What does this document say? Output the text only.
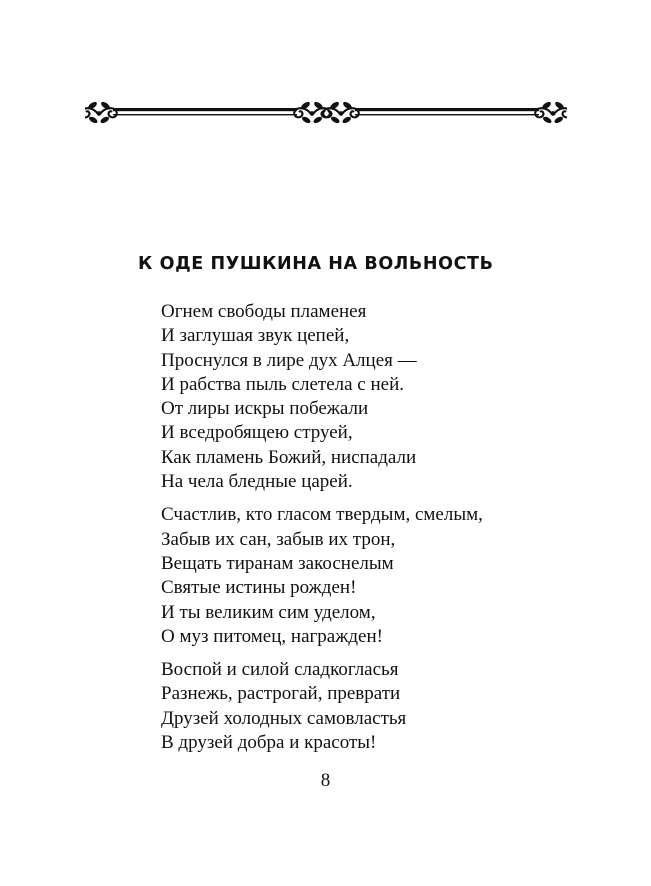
К ОДЕ ПУШКИНА НА ВОЛЬНОСТЬ
Огнем свободы пламенея
И заглушая звук цепей,
Проснулся в лире дух Алцея —
И рабства пыль слетела с ней.
От лиры искры побежали
И вседробящею струей,
Как пламень Божий, ниспадали
На чела бледные царей.
Счастлив, кто гласом твердым, смелым,
Забыв их сан, забыв их трон,
Вещать тиранам закоснелым
Святые истины рожден!
И ты великим сим уделом,
О муз питомец, награжден!
Воспой и силой сладкогласья
Разнежь, растрогай, преврати
Друзей холодных самовластья
В друзей добра и красоты!
8
